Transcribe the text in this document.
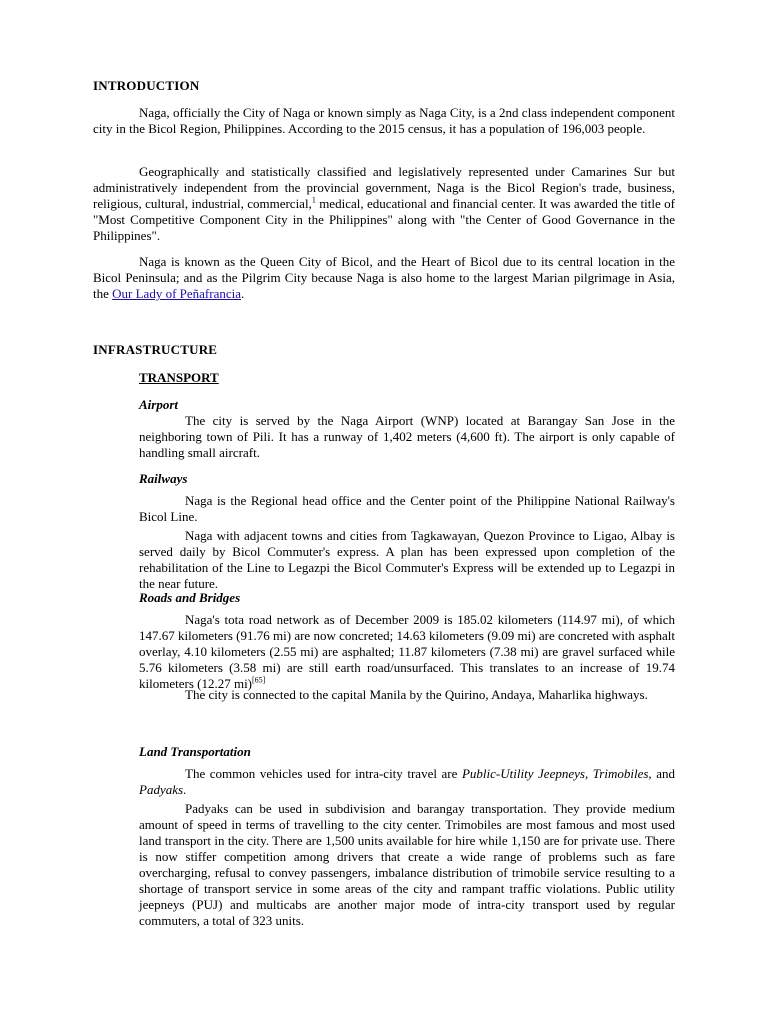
INTRODUCTION

Naga, officially the City of Naga or known simply as Naga City, is a 2nd class independent component city in the Bicol Region, Philippines. According to the 2015 census, it has a population of 196,003 people.

Geographically and statistically classified and legislatively represented under Camarines Sur but administratively independent from the provincial government, Naga is the Bicol Region's trade, business, religious, cultural, industrial, commercial,$^1$ medical, educational and financial center. It was awarded the title of "Most Competitive Component City in the Philippines" along with "the Center of Good Governance in the Philippines".

Naga is known as the Queen City of Bicol, and the Heart of Bicol due to its central location in the Bicol Peninsula; and as the Pilgrim City because Naga is also home to the largest Marian pilgrimage in Asia, the Our Lady of Peñafrancia.

INFRASTRUCTURE
TRANSPORT
Airport

The city is served by the Naga Airport (WNP) located at Barangay San Jose in the neighboring town of Pili. It has a runway of 1,402 meters (4,600 ft). The airport is only capable of handling small aircraft.

Railways

Naga is the Regional head office and the Center point of the Philippine National Railway's Bicol Line.

Naga with adjacent towns and cities from Tagkawayan, Quezon Province to Ligao, Albay is served daily by Bicol Commuter's express. A plan has been expressed upon completion of the rehabilitation of the Line to Legazpi the Bicol Commuter's Express will be extended up to Legazpi in the near future.

Roads and Bridges

Naga's tota road network as of December 2009 is 185.02 kilometers (114.97 mi), of which 147.67 kilometers (91.76 mi) are now concreted; 14.63 kilometers (9.09 mi) are concreted with asphalt overlay, 4.10 kilometers (2.55 mi) are asphalted; 11.87 kilometers (7.38 mi) are gravel surfaced while 5.76 kilometers (3.58 mi) are still earth road/unsurfaced. This translates to an increase of 19.74 kilometers (12.27 mi)[65]

The city is connected to the capital Manila by the Quirino, Andaya, Maharlika highways.

Land Transportation

The common vehicles used for intra-city travel are Public-Utility Jeepneys, Trimobiles, and Padyaks.

Padyaks can be used in subdivision and barangay transportation. They provide medium amount of speed in terms of travelling to the city center. Trimobiles are most famous and most used land transport in the city. There are 1,500 units available for hire while 1,150 are for private use. There is now stiffer competition among drivers that create a wide range of problems such as fare overcharging, refusal to convey passengers, imbalance distribution of trimobile service resulting to a shortage of transport service in some areas of the city and rampant traffic violations. Public utility jeepneys (PUJ) and multicabs are another major mode of intra-city transport used by regular commuters, a total of 323 units.
